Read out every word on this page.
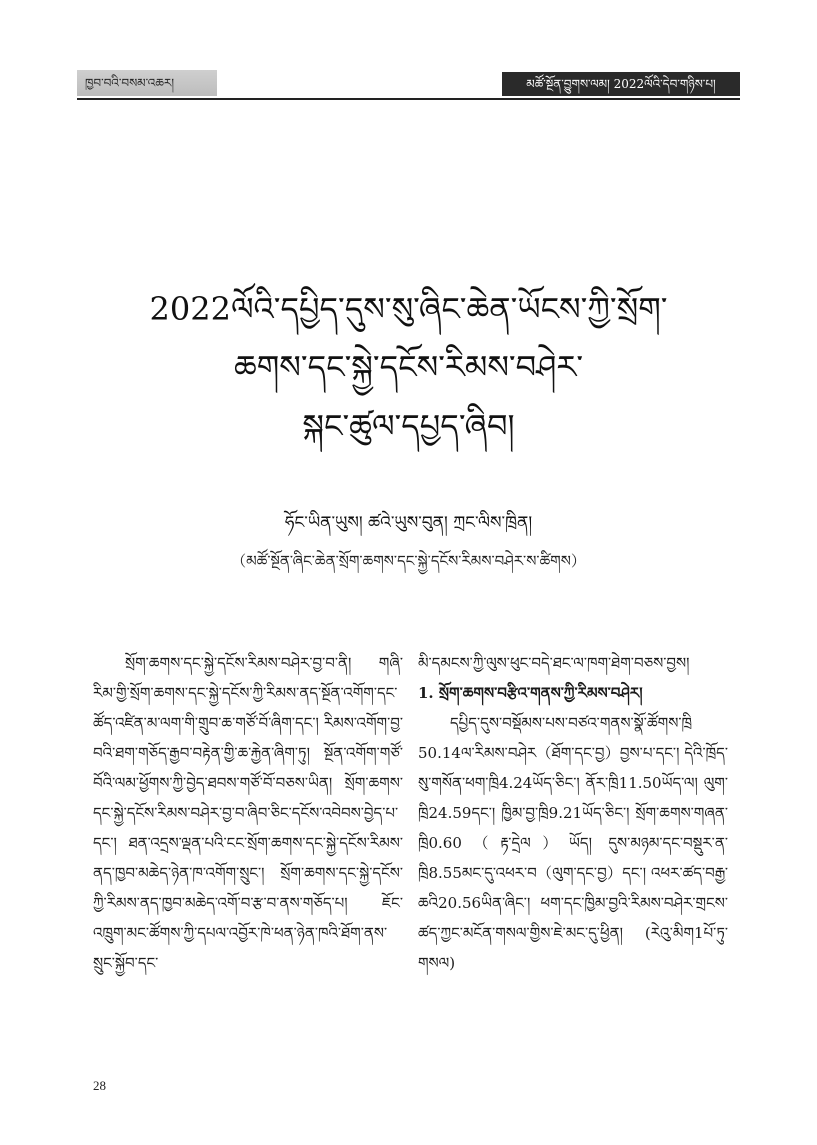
ཁྱབ་བའི་བསམ་འཆར།	མཚོ་སྔོན་བྱུགས་ལམ། 2022ལོའི་དེབ་གཉིས་པ།
2022ལོའི་དཔྱིད་དུས་སུ་ཞིང་ཆེན་ཡོངས་ཀྱི་སྲོག་
ཆགས་དང་སྐྱེ་དངོས་རིམས་བཤེར་
སྐང་ཚུལ་དཔྱད་ཞིབ།
ཧོང་ཡིན་ཡུས། ཚའེ་ཡུས་བུན། ཀྲང་ལིས་ཁྲིན།
（མཚོ་སྔོན་ཞིང་ཆེན་སྲོག་ཆགས་དང་སྐྱེ་དངོས་རིམས་བཤེར་ས་ཚིགས）

སྲོག་ཆགས་དང་སྐྱེ་དངོས་རིམས་བཤེར་བྱ་བ་ནི། གཞི་རིམ་གྱི་སྲོག་ཆགས་དང་སྐྱེ་དངོས་ཀྱི་རིམས་ནད་སྔོན་འགོག་དང་ཚོད་འཛིན་མ་ལག་གི་གྲུབ་ཆ་གཙོ་བོ་ཞིག་དང་། རིམས་འགོག་བྱ་བའི་ཐག་གཅོད་རྒྱབ་བརྟེན་གྱི་ཆ་རྐྱེན་ཞིག་ཏུ། སྔོན་འགོག་གཙོ་བོའི་ལམ་ཕྱོགས་ཀྱི་བྱེད་ཐབས་གཙོ་བོ་བཅས་ཡིན། སྲོག་ཆགས་དང་སྐྱེ་དངོས་རིམས་བཤེར་བྱ་བ་ཞིབ་ཅིང་དངོས་འབེབས་བྱེད་པ་དང་། ཐན་འདྲས་ལྡན་པའི་ངང་སྲོག་ཆགས་དང་སྐྱེ་དངོས་རིམས་ནད་ཁྱབ་མཆེད་ཉེན་ཁ་འགོག་སྲུང་། སྲོག་ཆགས་དང་སྐྱེ་དངོས་ཀྱི་རིམས་ནད་ཁྱབ་མཆེད་འགོ་བ་རྩ་བ་ནས་གཅོད་པ། ཇོང་འཁྲུག་མང་ཚོགས་ཀྱི་དཔལ་འབྱོར་ཁེ་ཕན་ཉེན་ཁའི་ཐོག་ནས་སྲུང་སྐྱོབ་དང་

མི་དམངས་ཀྱི་ལུས་ཕུང་བདེ་ཐང་ལ་ཁག་ཐེག་བཅས་བྱས།

1. སྲོག་ཆགས་བརྩིའ་གནས་ཀྱི་རིམས་བཤེར།

དཔྱིད་དུས་བསྡོམས་པས་བཙའ་གནས་སྣོ་ཚོགས་ཁྲི 50.14ལ་རིམས་བཤེར（ཐོག་དང་བྱ）བྱས་པ་དང་། དེའི་ཁྲོད་སུ་གསོན་ཕག་ཁྲི4.24ཡོད་ཅིང་། ནོར་ཁྲི11.50ཡོད་ལ། ལུག་ཁྲི24.59དང་། ཁྱིམ་བྱ་ཁྲི9.21ཡོད་ཅིང་། སྲོག་ཆགས་གཞན་ཁྲི0.60（རྟ་དྲེལ）ཡོད། དུས་མཉམ་དང་བསྡུར་ན་ཁྲི8.55མང་དུ་འཕར་བ（ལུག་དང་བྱ）དང་། འཕར་ཚད་བརྒྱ་ཆའི20.56ཡིན་ཞིང་། ཕག་དང་ཁྱིམ་བྱའི་རིམས་བཤེར་གྲངས་ཚད་ཀྱང་མངོན་གསལ་གྱིས་ཇེ་མང་དུ་ཕྱིན། (རེའུ་མིག1པོ་ཏུ་གསལ)

28
